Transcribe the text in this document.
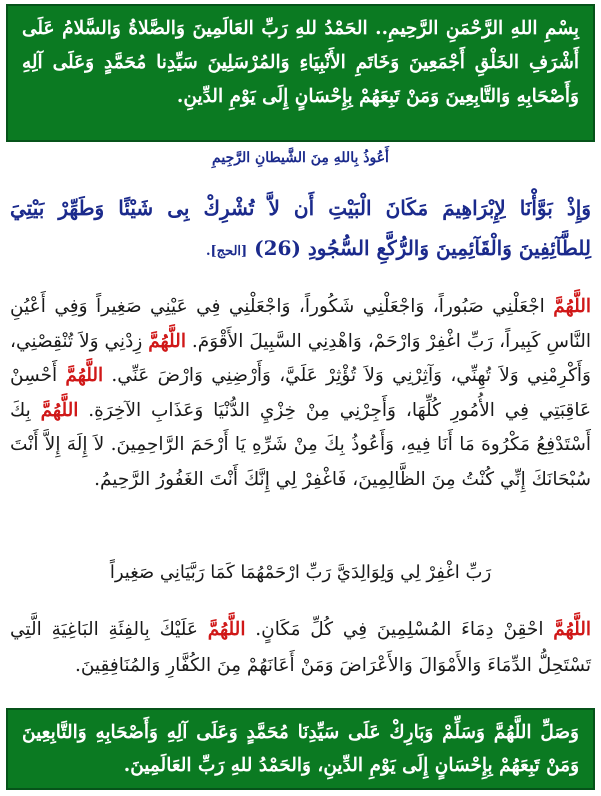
بِسْمِ اللهِ الرَّحْمَنِ الرَّحِيمِ.. الحَمْدُ للهِ رَبِّ العَالَمِينَ وَالصَّلاةُ وَالسَّلامُ عَلَى أَشْرَفِ الخَلْقِ أَجْمَعِينَ وَخَاتَمِ الأَنْبِيَاءِ وَالمُرْسَلِينَ سَيِّدِنا مُحَمَّدٍ وَعَلَى آلِهِ وَأَصْحَابِهِ وَالتَّابِعِينَ وَمَنْ تَبِعَهُمْ بِإِحْسَانٍ إِلَى يَوْمِ الدِّينِ.
أَعُوذُ بِاللهِ مِنَ الشَّيطانِ الرَّجِيمِ
وَإِذْ بَوَّأْنَا لِإِبْرَاهِيمَ مَكَانَ الْبَيْتِ أَن لاَّ تُشْرِكْ بِى شَيْئًا وَطَهِّرْ بَيْتِيَ لِلطَّآئِفِينَ وَالْقَآئِمِينَ وَالرُّكَّعِ السُّجُودِ (26) [الحج].
اللَّهُمَّ اجْعَلْنِي صَبُوراً، وَاجْعَلْنِي شَكُوراً، وَاجْعَلْنِي فِي عَيْنِي صَغِيراً وَفِي أَعْيُنِ النَّاسِ كَبِيراً، رَبِّ اغْفِرْ وَارْحَمْ، وَاهْدِنِي السَّبِيلَ الأَقْوَمَ. اللَّهُمَّ زِدْنِي وَلاَ تُنْقِصْنِي، وَأَكْرِمْنِي وَلاَ تُهِنِّي، وَآثِرْنِي وَلاَ تُؤْثِرْ عَلَيَّ، وَأَرْضِنِي وَارْضَ عَنِّي. اللَّهُمَّ أَحْسِنْ عَاقِبَتِي فِي الأُمُورِ كُلِّهَا، وَأَجِرْنِي مِنْ خِزْيِ الدُّنْيَا وَعَذَابِ الآخِرَةِ. اللَّهُمَّ بِكَ أَسْتَدْفِعُ مَكْرُوهَ مَا أَنَا فِيهِ، وَأَعُوذُ بِكَ مِنْ شَرِّهِ يَا أَرْحَمَ الرَّاحِمِينَ. لاَ إِلَهَ إِلاَّ أَنْتَ سُبْحَانَكَ إِنِّي كُنْتُ مِنَ الظَّالِمِينَ، فَاغْفِرْ لِي إِنَّكَ أَنْتَ الغَفُورُ الرَّحِيمُ.
رَبِّ اغْفِرْ لِي وَلِوَالِدَيَّ رَبِّ ارْحَمْهُمَا كَمَا رَبَّيَانِي صَغِيراً
اللَّهُمَّ احْقِنْ دِمَاءَ المُسْلِمِينَ فِي كُلِّ مَكَانٍ. اللَّهُمَّ عَلَيْكَ بِالفِئَةِ البَاغِيَةِ الَّتِي تَسْتَحِلُّ الدِّمَاءَ وَالأَمْوَالَ وَالأَعْرَاضَ وَمَنْ أَعَانَهُمْ مِنَ الكُفَّارِ وَالمُنَافِقِينَ.
وَصَلِّ اللَّهُمَّ وَسَلِّمْ وَبَارِكْ عَلَى سَيِّدِنَا مُحَمَّدٍ وَعَلَى آلِهِ وَأَصْحَابِهِ وَالتَّابِعِينَ وَمَنْ تَبِعَهُمْ بِإِحْسَانٍ إِلَى يَوْمِ الدِّينِ، وَالحَمْدُ للهِ رَبِّ العَالَمِينَ.
